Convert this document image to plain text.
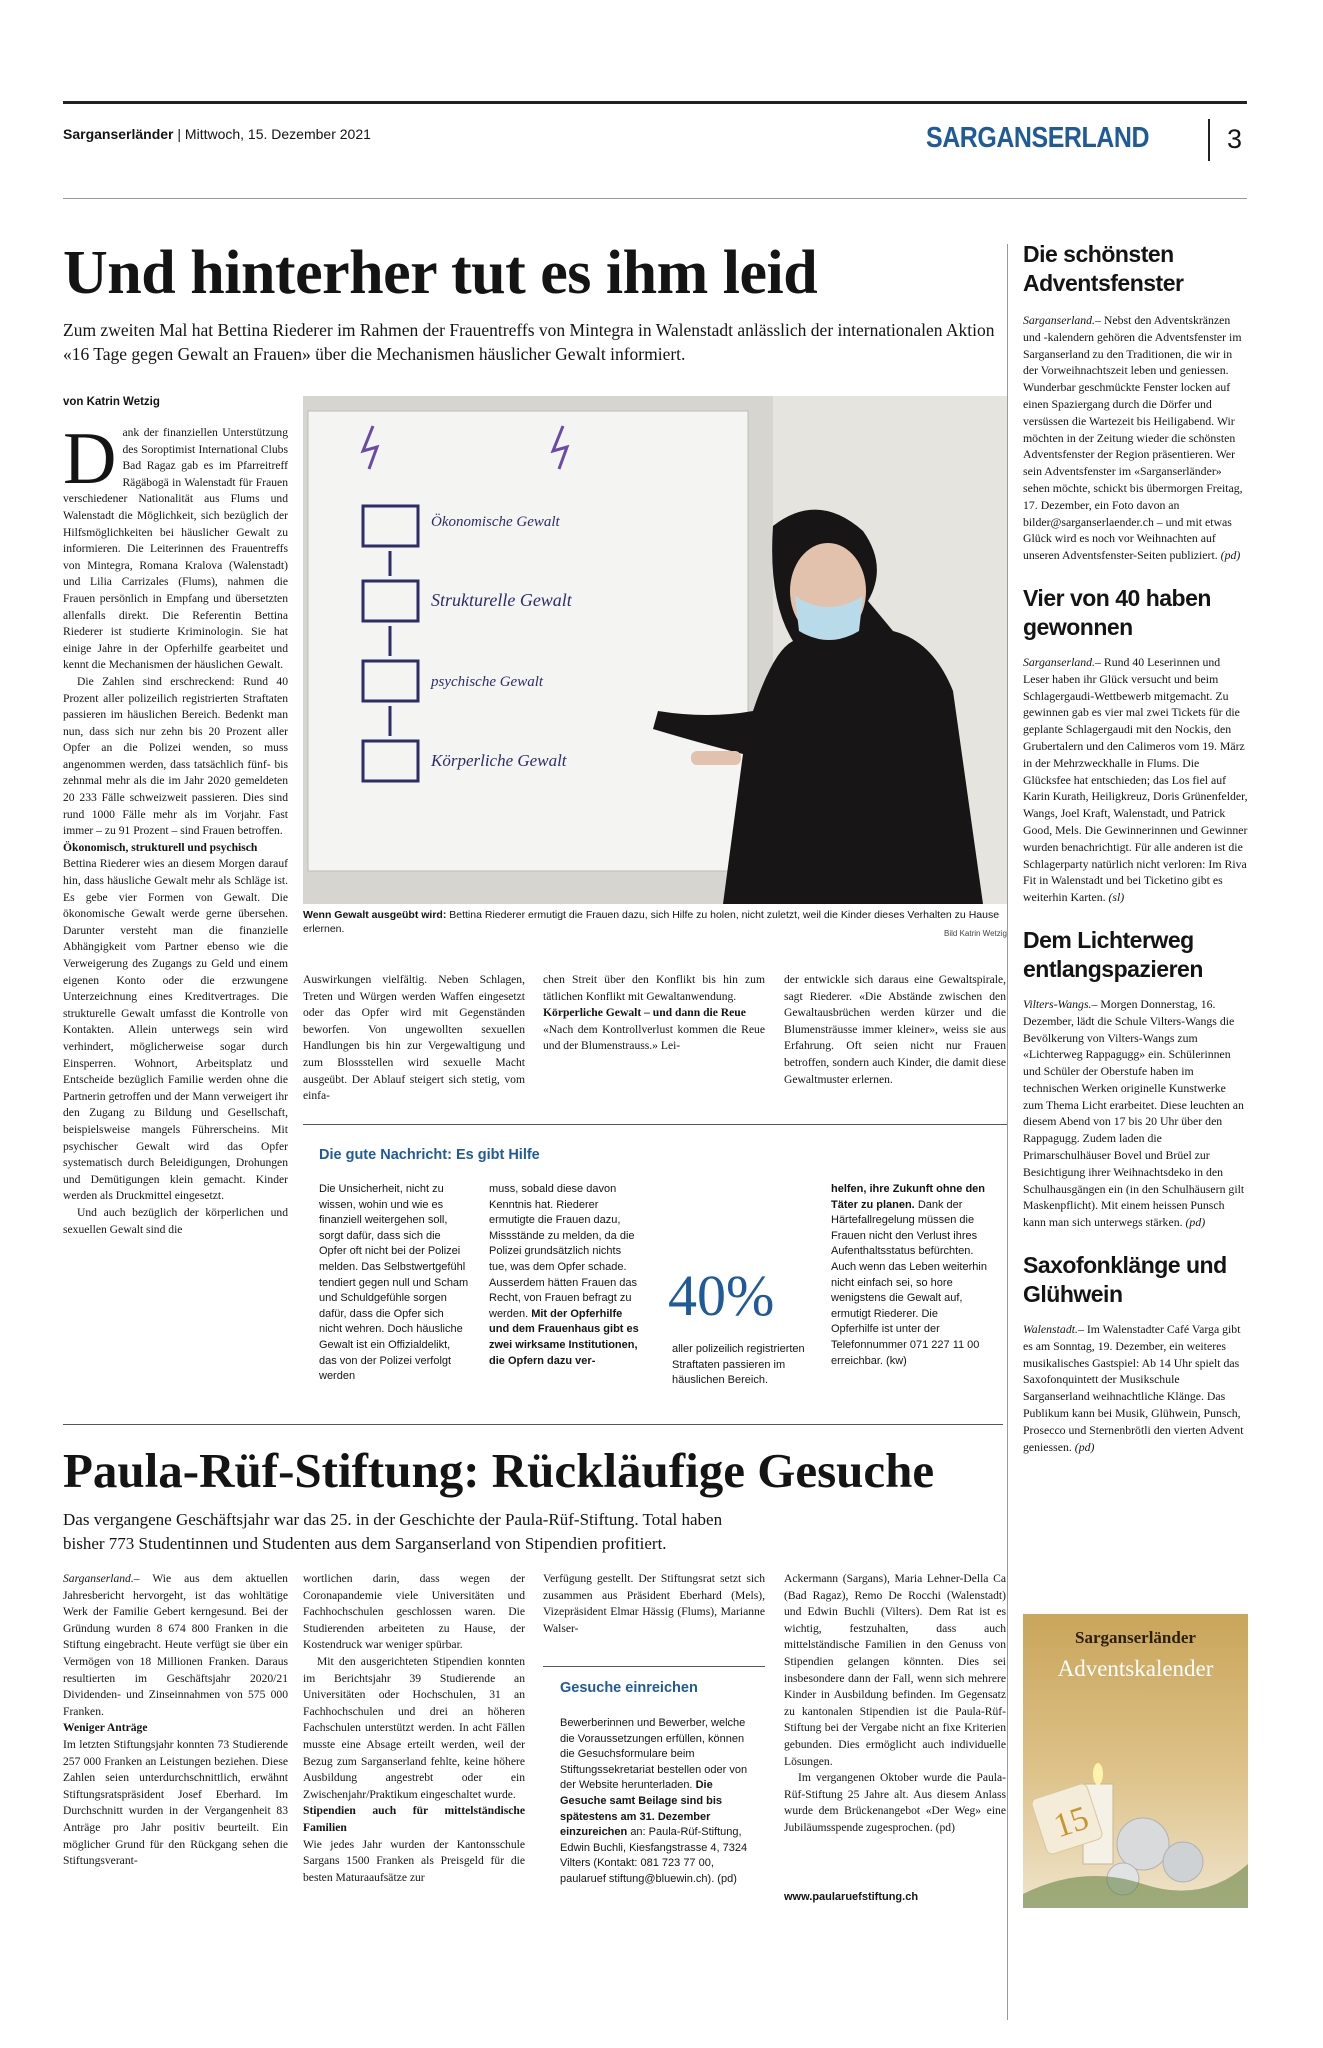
Sarganserländer | Mittwoch, 15. Dezember 2021	SARGANSERLAND	3
Und hinterher tut es ihm leid
Zum zweiten Mal hat Bettina Riederer im Rahmen der Frauentreffs von Mintegra in Walenstadt anlässlich der internationalen Aktion «16 Tage gegen Gewalt an Frauen» über die Mechanismen häuslicher Gewalt informiert.
von Katrin Wetzig
D ank der finanziellen Unterstützung des Soroptimist International Clubs Bad Ragaz gab es im Pfarreitreff Rägäbogä in Walenstadt für Frauen verschiedener Nationalität aus Flums und Walenstadt die Möglichkeit, sich bezüglich der Hilfsmöglichkeiten bei häuslicher Gewalt zu informieren. Die Leiterinnen des Frauentreffs von Mintegra, Romana Kralova (Walenstadt) und Lilia Carrizales (Flums), nahmen die Frauen persönlich in Empfang und übersetzten allenfalls direkt. Die Referentin Bettina Riederer ist studierte Kriminologin. Sie hat einige Jahre in der Opferhilfe gearbeitet und kennt die Mechanismen der häuslichen Gewalt.

Die Zahlen sind erschreckend: Rund 40 Prozent aller polizeilich registrierten Straftaten passieren im häuslichen Bereich. Bedenkt man nun, dass sich nur zehn bis 20 Prozent aller Opfer an die Polizei wenden, so muss angenommen werden, dass tatsächlich fünf- bis zehnmal mehr als die im Jahr 2020 gemeldeten 20 233 Fälle schweizweit passieren. Dies sind rund 1000 Fälle mehr als im Vorjahr. Fast immer – zu 91 Prozent – sind Frauen betroffen.

Ökonomisch, strukturell und psychisch

Bettina Riederer wies an diesem Morgen darauf hin, dass häusliche Gewalt mehr als Schläge ist. Es gebe vier Formen von Gewalt. Die ökonomische Gewalt werde gerne übersehen. Darunter versteht man die finanzielle Abhängigkeit vom Partner ebenso wie die Verweigerung des Zugangs zu Geld und einem eigenen Konto oder die erzwungene Unterzeichnung eines Kreditvertrages. Die strukturelle Gewalt umfasst die Kontrolle von Kontakten. Allein unterwegs sein wird verhindert, möglicherweise sogar durch Einsperren. Wohnort, Arbeitsplatz und Entscheide bezüglich Familie werden ohne die Partnerin getroffen und der Mann verweigert ihr den Zugang zu Bildung und Gesellschaft, beispielsweise mangels Führerscheins. Mit psychischer Gewalt wird das Opfer systematisch durch Beleidigungen, Drohungen und Demütigungen klein gemacht. Kinder werden als Druckmittel eingesetzt.

Und auch bezüglich der körperlichen und sexuellen Gewalt sind die

Ökonomische Gewalt
Strukturelle Gewalt
psychische Gewalt
Körperliche Gewalt
Wenn Gewalt ausgeübt wird: Bettina Riederer ermutigt die Frauen dazu, sich Hilfe zu holen, nicht zuletzt, weil die Kinder dieses Verhalten zu Hause erlernen.	Bild Katrin Wetzig

Auswirkungen vielfältig. Neben Schlagen, Treten und Würgen werden Waffen eingesetzt oder das Opfer wird mit Gegenständen beworfen. Von ungewollten sexuellen Handlungen bis hin zur Vergewaltigung und zum Blossstellen wird sexuelle Macht ausgeübt. Der Ablauf steigert sich stetig, vom einfa-

chen Streit über den Konflikt bis hin zum tätlichen Konflikt mit Gewaltanwendung.

Körperliche Gewalt – und dann die Reue

«Nach dem Kontrollverlust kommen die Reue und der Blumenstrauss.» Lei-

der entwickle sich daraus eine Gewaltspirale, sagt Riederer. «Die Abstände zwischen den Gewaltausbrüchen werden kürzer und die Blumensträusse immer kleiner», weiss sie aus Erfahrung. Oft seien nicht nur Frauen betroffen, sondern auch Kinder, die damit diese Gewaltmuster erlernen.

Die gute Nachricht: Es gibt Hilfe
Die Unsicherheit, nicht zu wissen, wohin und wie es finanziell weitergehen soll, sorgt dafür, dass sich die Opfer oft nicht bei der Polizei melden. Das Selbstwertgefühl tendiert gegen null und Scham und Schuldgefühle sorgen dafür, dass die Opfer sich nicht wehren. Doch häusliche Gewalt ist ein Offizialdelikt, das von der Polizei verfolgt werden
muss, sobald diese davon Kenntnis hat. Riederer ermutigte die Frauen dazu, Missstände zu melden, da die Polizei grundsätzlich nichts tue, was dem Opfer schade. Ausserdem hätten Frauen das Recht, von Frauen befragt zu werden. Mit der Opferhilfe und dem Frauenhaus gibt es zwei wirksame Institutionen, die Opfern dazu ver-
40%
aller polizeilich registrierten Straftaten passieren im häuslichen Bereich.
helfen, ihre Zukunft ohne den Täter zu planen. Dank der Härtefallregelung müssen die Frauen nicht den Verlust ihres Aufenthaltsstatus befürchten. Auch wenn das Leben weiterhin nicht einfach sei, so hore wenigstens die Gewalt auf, ermutigt Riederer. Die Opferhilfe ist unter der Telefonnummer 071 227 11 00 erreichbar. (kw)
Paula-Rüf-Stiftung: Rückläufige Gesuche
Das vergangene Geschäftsjahr war das 25. in der Geschichte der Paula-Rüf-Stiftung. Total haben bisher 773 Studentinnen und Studenten aus dem Sarganserland von Stipendien profitiert.

Sarganserland.– Wie aus dem aktuellen Jahresbericht hervorgeht, ist das wohltätige Werk der Familie Gebert kerngesund. Bei der Gründung wurden 8 674 800 Franken in die Stiftung eingebracht. Heute verfügt sie über ein Vermögen von 18 Millionen Franken. Daraus resultierten im Geschäftsjahr 2020/21 Dividenden- und Zinseinnahmen von 575 000 Franken.

Weniger Anträge

Im letzten Stiftungsjahr konnten 73 Studierende 257 000 Franken an Leistungen beziehen. Diese Zahlen seien unterdurchschnittlich, erwähnt Stiftungsratspräsident Josef Eberhard. Im Durchschnitt wurden in der Vergangenheit 83 Anträge pro Jahr positiv beurteilt. Ein möglicher Grund für den Rückgang sehen die Stiftungsverant-

wortlichen darin, dass wegen der Coronapandemie viele Universitäten und Fachhochschulen geschlossen waren. Die Studierenden arbeiteten zu Hause, der Kostendruck war weniger spürbar.

Mit den ausgerichteten Stipendien konnten im Berichtsjahr 39 Studierende an Universitäten oder Hochschulen, 31 an Fachhochschulen und drei an höheren Fachschulen unterstützt werden. In acht Fällen musste eine Absage erteilt werden, weil der Bezug zum Sarganserland fehlte, keine höhere Ausbildung angestrebt oder ein Zwischenjahr/Praktikum eingeschaltet wurde.

Stipendien auch für mittelständische Familien

Wie jedes Jahr wurden der Kantonsschule Sargans 1500 Franken als Preisgeld für die besten Maturaaufsätze zur

Verfügung gestellt. Der Stiftungsrat setzt sich zusammen aus Präsident Eberhard (Mels), Vizepräsident Elmar Hässig (Flums), Marianne Walser-

Gesuche einreichen
Bewerberinnen und Bewerber, welche die Voraussetzungen erfüllen, können die Gesuchsformulare beim Stiftungssekretariat bestellen oder von der Website herunterladen. Die Gesuche samt Beilage sind bis spätestens am 31. Dezember einzureichen an: Paula-Rüf-Stiftung, Edwin Buchli, Kiesfangstrasse 4, 7324 Vilters (Kontakt: 081 723 77 00, paularuef stiftung@bluewin.ch). (pd)

Ackermann (Sargans), Maria Lehner-Della Ca (Bad Ragaz), Remo De Rocchi (Walenstadt) und Edwin Buchli (Vilters). Dem Rat ist es wichtig, festzuhalten, dass auch mittelständische Familien in den Genuss von Stipendien gelangen könnten. Dies sei insbesondere dann der Fall, wenn sich mehrere Kinder in Ausbildung befinden. Im Gegensatz zu kantonalen Stipendien ist die Paula-Rüf-Stiftung bei der Vergabe nicht an fixe Kriterien gebunden. Dies ermöglicht auch individuelle Lösungen.

Im vergangenen Oktober wurde die Paula-Rüf-Stiftung 25 Jahre alt. Aus diesem Anlass wurde dem Brückenangebot «Der Weg» eine Jubiläumsspende zugesprochen. (pd)

www.paularuefstiftung.ch
Die schönsten Adventsfenster
Sarganserland.– Nebst den Adventskränzen und -kalendern gehören die Adventsfenster im Sarganserland zu den Traditionen, die wir in der Vorweihnachtszeit leben und geniessen. Wunderbar geschmückte Fenster locken auf einen Spaziergang durch die Dörfer und versüssen die Wartezeit bis Heiligabend. Wir möchten in der Zeitung wieder die schönsten Adventsfenster der Region präsentieren. Wer sein Adventsfenster im «Sarganserländer» sehen möchte, schickt bis übermorgen Freitag, 17. Dezember, ein Foto davon an bilder@sarganserlaender.ch – und mit etwas Glück wird es noch vor Weihnachten auf unseren Adventsfenster-Seiten publiziert. (pd)
Vier von 40 haben gewonnen
Sarganserland.– Rund 40 Leserinnen und Leser haben ihr Glück versucht und beim Schlagergaudi-Wettbewerb mitgemacht. Zu gewinnen gab es vier mal zwei Tickets für die geplante Schlagergaudi mit den Nockis, den Grubertalern und den Calimeros vom 19. März in der Mehrzweckhalle in Flums. Die Glücksfee hat entschieden; das Los fiel auf Karin Kurath, Heiligkreuz, Doris Grünenfelder, Wangs, Joel Kraft, Walenstadt, und Patrick Good, Mels. Die Gewinnerinnen und Gewinner wurden benachrichtigt. Für alle anderen ist die Schlagerparty natürlich nicht verloren: Im Riva Fit in Walenstadt und bei Ticketino gibt es weiterhin Karten. (sl)
Dem Lichterweg entlangspazieren
Vilters-Wangs.– Morgen Donnerstag, 16. Dezember, lädt die Schule Vilters-Wangs die Bevölkerung von Vilters-Wangs zum «Lichterweg Rappagugg» ein. Schülerinnen und Schüler der Oberstufe haben im technischen Werken originelle Kunstwerke zum Thema Licht erarbeitet. Diese leuchten an diesem Abend von 17 bis 20 Uhr über den Rappagugg. Zudem laden die Primarschulhäuser Bovel und Brüel zur Besichtigung ihrer Weihnachtsdeko in den Schulhausgängen ein (in den Schulhäusern gilt Maskenpflicht). Mit einem heissen Punsch kann man sich unterwegs stärken. (pd)
Saxofonklänge und Glühwein
Walenstadt.– Im Walenstadter Café Varga gibt es am Sonntag, 19. Dezember, ein weiteres musikalisches Gastspiel: Ab 14 Uhr spielt das Saxofonquintett der Musikschule Sarganserland weihnachtliche Klänge. Das Publikum kann bei Musik, Glühwein, Punsch, Prosecco und Sternenbrötli den vierten Advent geniessen. (pd)
Sarganserländer
Adventskalender
15
